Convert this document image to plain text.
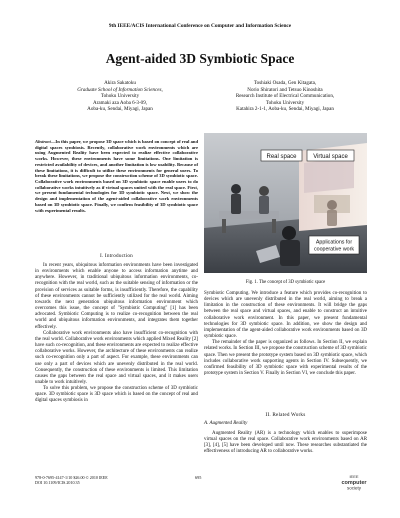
9th IEEE/ACIS International Conference on Computer and Information Science
Agent-aided 3D Symbiotic Space
Akira Sakatoku
Graduate School of Information Sciences,
Tohoku University
Aramaki aza Aoba 6-3-09,
Aoba-ku, Sendai, Miyagi, Japan
Toshiaki Osada, Gen Kitagata,
Norio Shiratori and Tetsuo Kinoshita
Research Institute of Electrical Communication,
Tohoku University
Katahira 2-1-1, Aoba-ku, Sendai, Miyagi, Japan
Abstract—In this paper, we propose 3D space which is based on concept of real and digital spaces symbiosis. Recently, collaborative work environments which are using Augmented Reality have been expected to realize effective collaborative works. However, these environments have some limitations. One limitation is restricted availability of devices, and another limitation is low usability. Because of these limitations, it is difficult to utilize these environments for general users. To break these limitations, we propose the construction scheme of 3D symbiotic space. Collaborative work environments based on 3D symbiotic space enable users to do collaborative works intuitively as if virtual spaces united with the real space. First, we present fundamental technologies for 3D symbiotic space. Next, we show the design and implementation of the agent-aided collaborative work environments based on 3D symbiotic space. Finally, we confirm feasibility of 3D symbiotic space with experimental results.
I. Introduction

In recent years, ubiquitous information environments have been investigated in environments which enable anyone to access information anytime and anywhere. However, in traditional ubiquitous information environments, co-recognition with the real world, such as the suitable sensing of information or the provision of services as suitable forms, is insufficiently. Therefore, the capability of these environments cannot be sufficiently utilized for the real world. Aiming towards the next generation ubiquitous information environment which overcomes this issue, the concept of "Symbiotic Computing" [1] has been advocated. Symbiotic Computing is to realize co-recognition between the real world and ubiquitous information environments, and integrates them together effectively.

Collaborative work environments also have insufficient co-recognition with the real world. Collaborative work environments which applied Mixed Reality [2] have such co-recognition, and these environments are expected to realize effective collaborative works. However, the architecture of these environments can realize such co-recognition only a part of aspect. For example, these environments can use only a part of devices which are unevenly distributed in the real world. Consequently, the construction of these environments is limited. This limitation causes the gaps between the real space and virtual spaces, and it makes users unable to work intuitively.

To solve this problem, we propose the construction scheme of 3D symbiotic space. 3D symbiotic space is 3D space which is based on the concept of real and digital spaces symbiosis in

Real space	Virtual space
Applications for
cooperative work
Fig. 1. The concept of 3D symbiotic space

Symbiotic Computing. We introduce a feature which provides co-recognition to devices which are unevenly distributed in the real world, aiming to break a limitation in the construction of these environments. It will bridge the gaps between the real space and virtual spaces, and enable to construct an intuitive collaborative work environment. In this paper, we present fundamental technologies for 3D symbiotic space. In addition, we show the design and implementation of the agent-aided collaborative work environments based on 3D symbiotic space.

The remainder of the paper is organized as follows. In Section II, we explain related works. In Section III, we propose the construction scheme of 3D symbiotic space. Then we present the prototype system based on 3D symbiotic space, which includes collaborative work supporting agents in Section IV. Subsequently, we confirmed feasibility of 3D symbiotic space with experimental results of the prototype system in Section V. Finally in Section VI, we conclude this paper.

II. Related Works
A. Augmented Reality

Augmented Reality (AR) is a technology which enables to superimpose virtual spaces on the real space. Collaborative work environments based on AR [3], [4], [5] have been developed until now. These researches substantiated the effectiveness of introducing AR to collaborative works.

978-0-7695-4147-1/10 $26.00 © 2010 IEEE
DOI 10.1109/ICIS.2010.35
695	IEEE
computer
society
